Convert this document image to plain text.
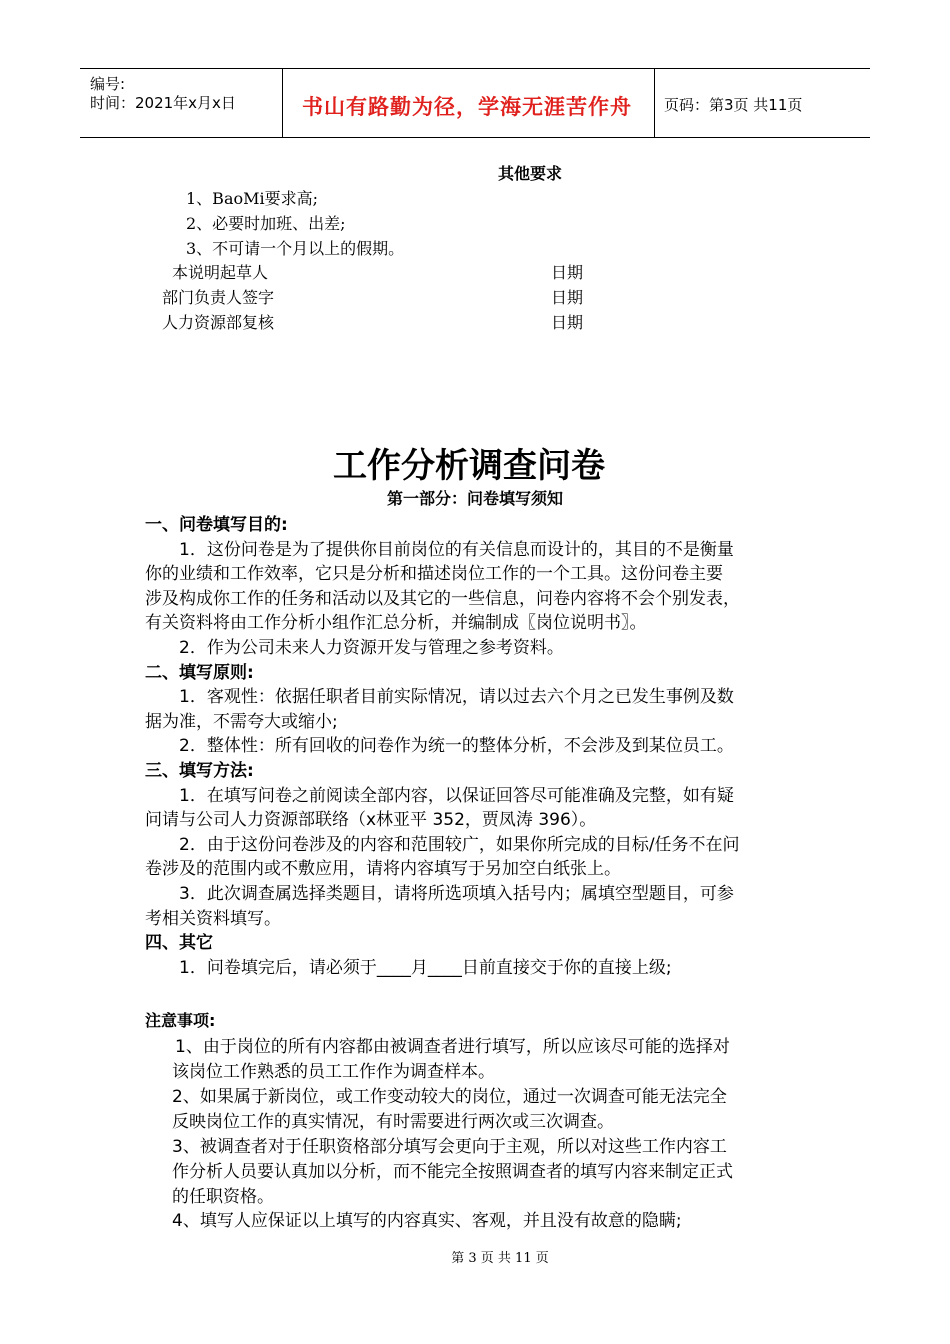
编号:
时间：2021年x月x日	书山有路勤为径，学海无涯苦作舟 页码：第3页 共11页
其他要求
1、BaoMi要求高;
2、必要时加班、出差;
3、不可请一个月以上的假期。
本说明起草人	日期
部门负责人签字	日期
人力资源部复核	日期
工作分析调查问卷
第一部分：问卷填写须知
一、问卷填写目的:
　　1．这份问卷是为了提供你目前岗位的有关信息而设计的，其目的不是衡量
你的业绩和工作效率，它只是分析和描述岗位工作的一个工具。这份问卷主要
涉及构成你工作的任务和活动以及其它的一些信息，问卷内容将不会个别发表，
有关资料将由工作分析小组作汇总分析，并编制成〖岗位说明书〗。
　　2．作为公司未来人力资源开发与管理之参考资料。
二、填写原则:
　　1．客观性：依据任职者目前实际情况，请以过去六个月之已发生事例及数
据为准，不需夸大或缩小;
　　2．整体性：所有回收的问卷作为统一的整体分析，不会涉及到某位员工。
三、填写方法:
　　1．在填写问卷之前阅读全部内容，以保证回答尽可能准确及完整，如有疑
问请与公司人力资源部联络（x林亚平 352，贾凤涛 396）。
　　2．由于这份问卷涉及的内容和范围较广，如果你所完成的目标/任务不在问
卷涉及的范围内或不敷应用，请将内容填写于另加空白纸张上。
　　3．此次调查属选择类题目，请将所选项填入括号内；属填空型题目，可参
考相关资料填写。
四、其它
　　1．问卷填完后，请必须于____月____日前直接交于你的直接上级;
注意事项:
　1、由于岗位的所有内容都由被调查者进行填写，所以应该尽可能的选择对
该岗位工作熟悉的员工工作作为调查样本。
2、如果属于新岗位，或工作变动较大的岗位，通过一次调查可能无法完全
反映岗位工作的真实情况，有时需要进行两次或三次调查。
3、被调查者对于任职资格部分填写会更向于主观，所以对这些工作内容工
作分析人员要认真加以分析，而不能完全按照调查者的填写内容来制定正式
的任职资格。
4、填写人应保证以上填写的内容真实、客观，并且没有故意的隐瞒;
第 3 页 共 11 页
